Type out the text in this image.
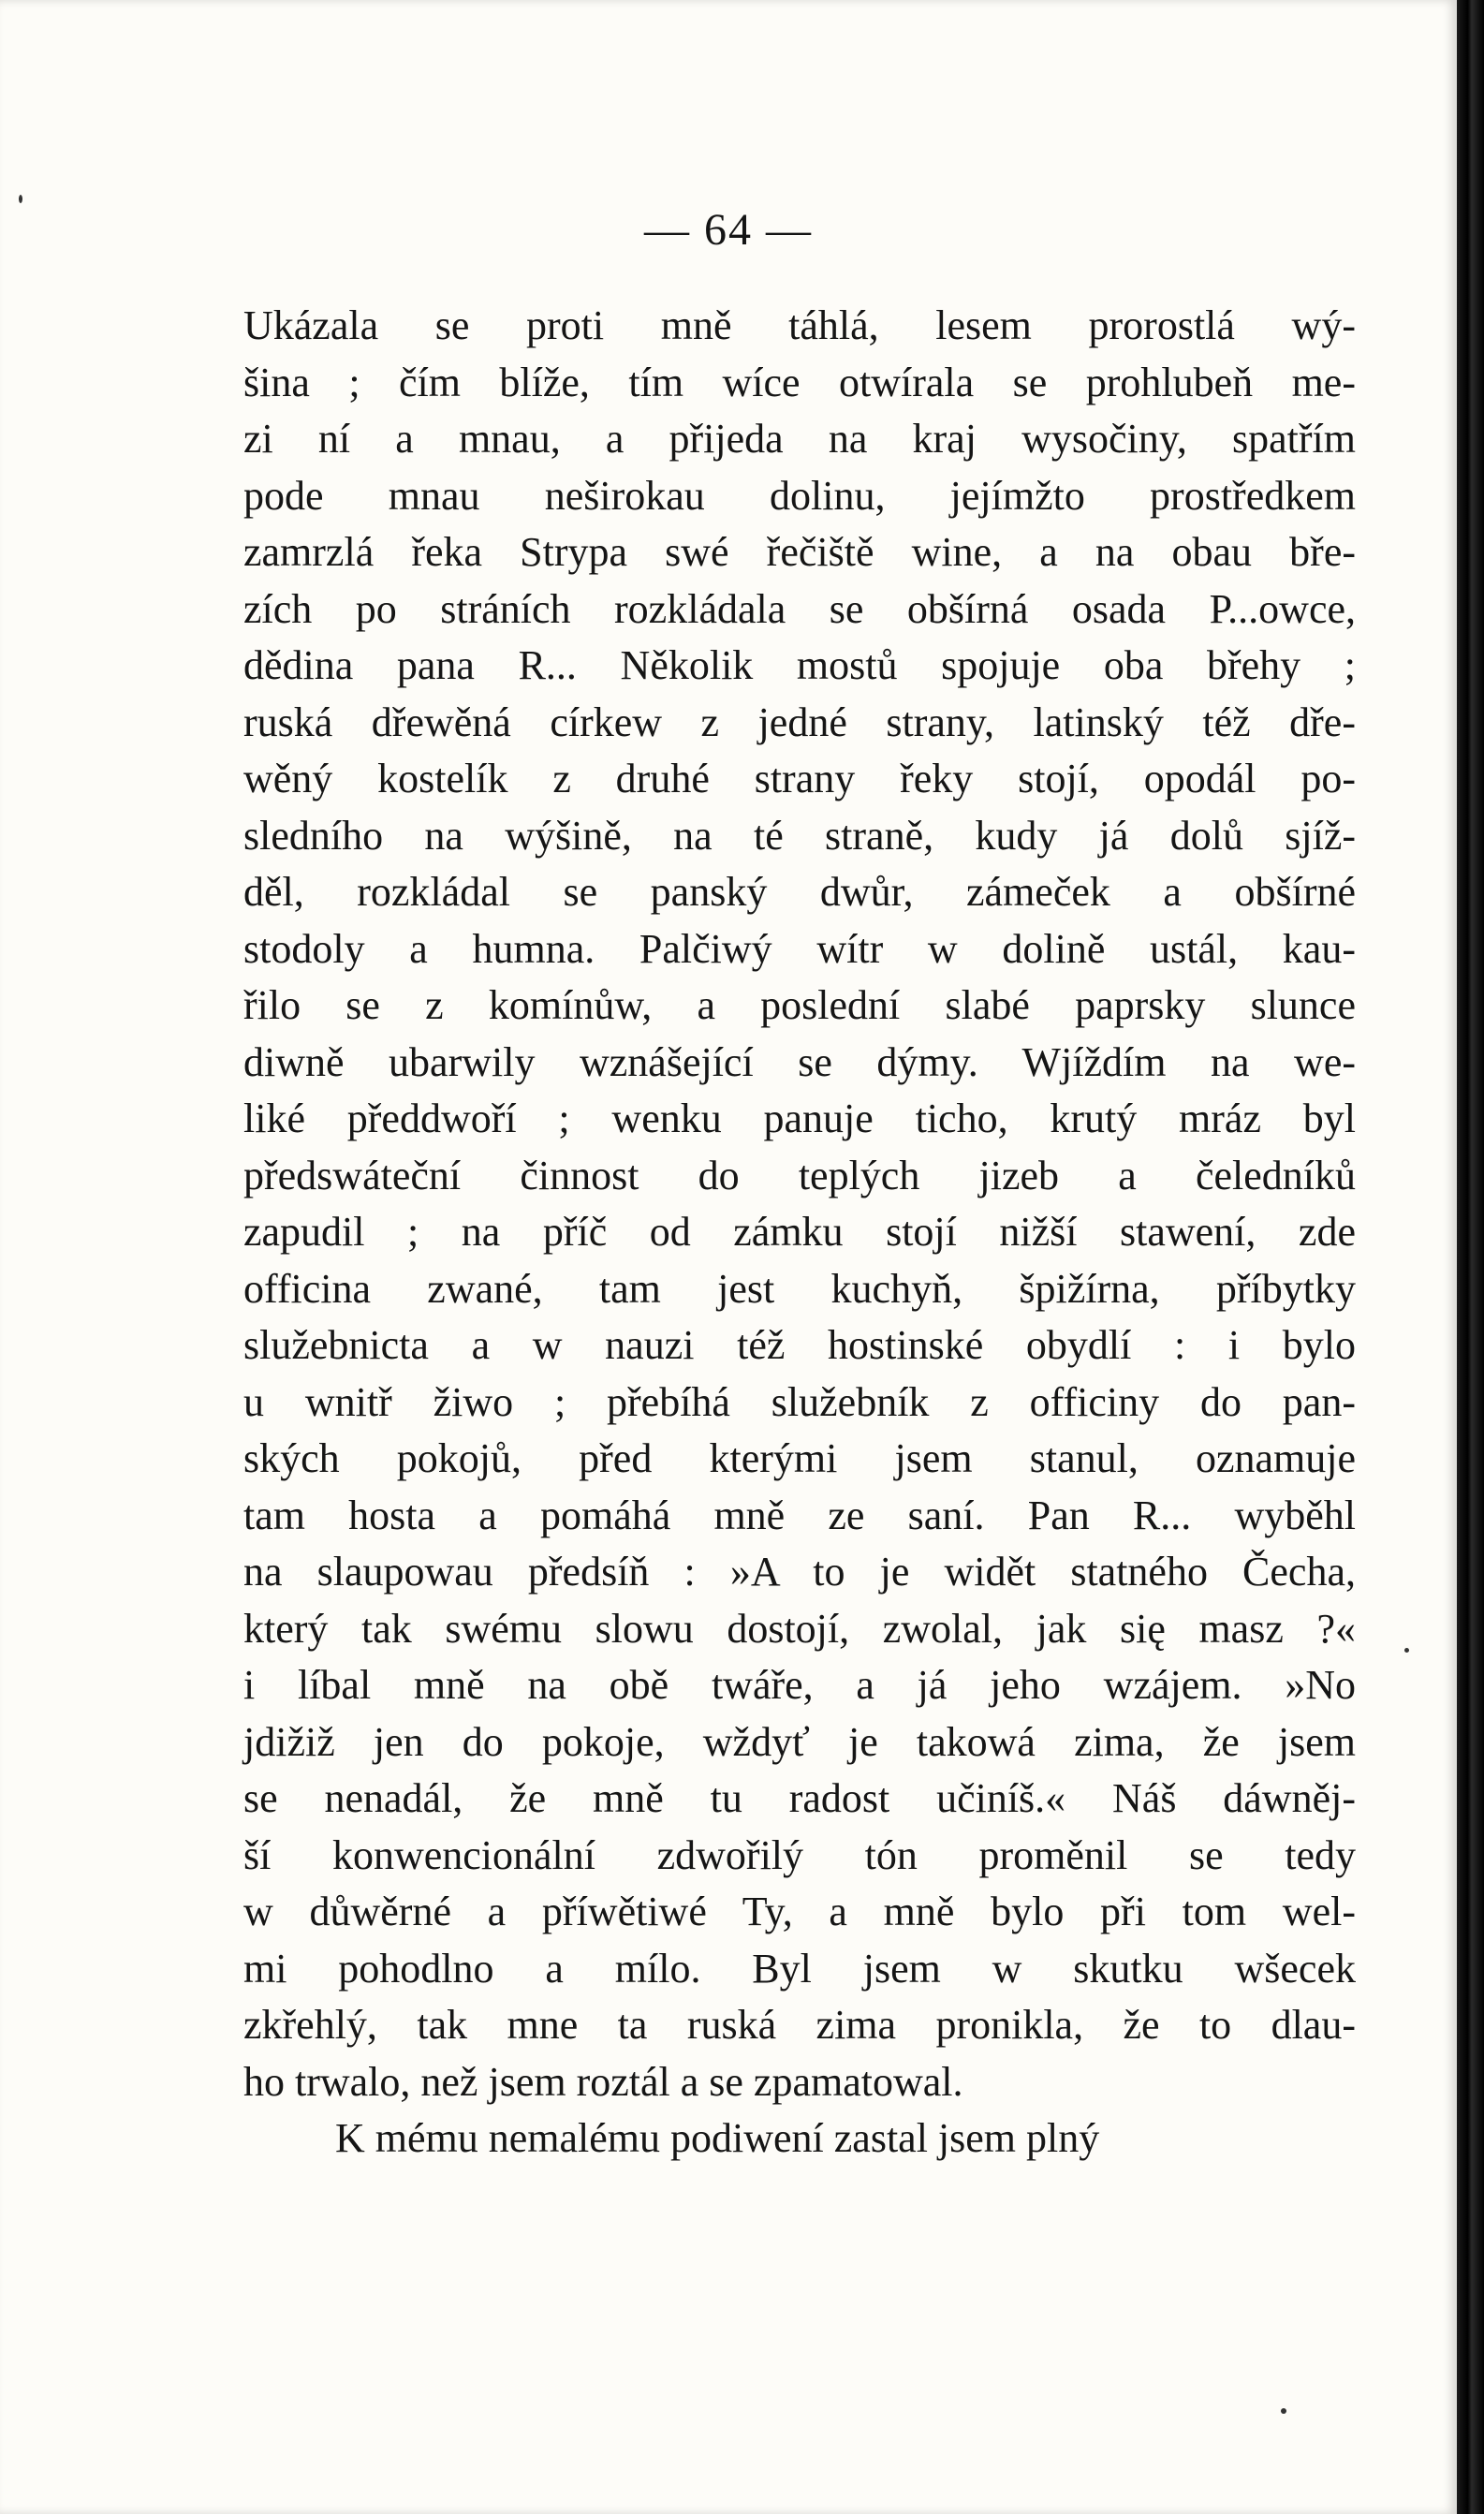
— 64 —
Ukázala se proti mně táhlá, lesem prorostlá wý-
šina ; čím blíže, tím wíce otwírala se prohlubeň me-
zi ní a mnau, a přijeda na kraj wysočiny, spatřím
pode mnau neširokau dolinu, jejímžto prostředkem
zamrzlá řeka Strypa swé řečiště wine, a na obau bře-
zích po stráních rozkládala se obšírná osada P...owce,
dědina pana R... Několik mostů spojuje oba břehy ;
ruská dřewěná církew z jedné strany, latinský též dře-
wěný kostelík z druhé strany řeky stojí, opodál po-
sledního na wýšině, na té straně, kudy já dolů sjíž-
děl, rozkládal se panský dwůr, zámeček a obšírné
stodoly a humna. Palčiwý wítr w dolině ustál, kau-
řilo se z komínůw, a poslední slabé paprsky slunce
diwně ubarwily wznášející se dýmy. Wjíždím na we-
liké předdwoří ; wenku panuje ticho, krutý mráz byl
předswáteční činnost do teplých jizeb a čeledníků
zapudil ; na příč od zámku stojí nižší stawení, zde
officina zwané, tam jest kuchyň, špižírna, příbytky
služebnicta a w nauzi též hostinské obydlí : i bylo
u wnitř žiwo ; přebíhá služebník z officiny do pan-
ských pokojů, před kterými jsem stanul, oznamuje
tam hosta a pomáhá mně ze saní. Pan R... wyběhl
na slaupowau předsíň : »A to je widět statného Čecha,
který tak swému slowu dostojí, zwolal, jak się masz ?«
i líbal mně na obě twáře, a já jeho wzájem. »No
jdižiž jen do pokoje, wždyť je takowá zima, že jsem
se nenadál, že mně tu radost učiníš.« Náš dáwněj-
ší konwencionální zdwořilý tón proměnil se tedy
w důwěrné a příwětiwé Ty, a mně bylo při tom wel-
mi pohodlno a mílo. Byl jsem w skutku wšecek
zkřehlý, tak mne ta ruská zima pronikla, že to dlau-
ho trwalo, než jsem roztál a se zpamatowal.
K mému nemalému podiwení zastal jsem plný
